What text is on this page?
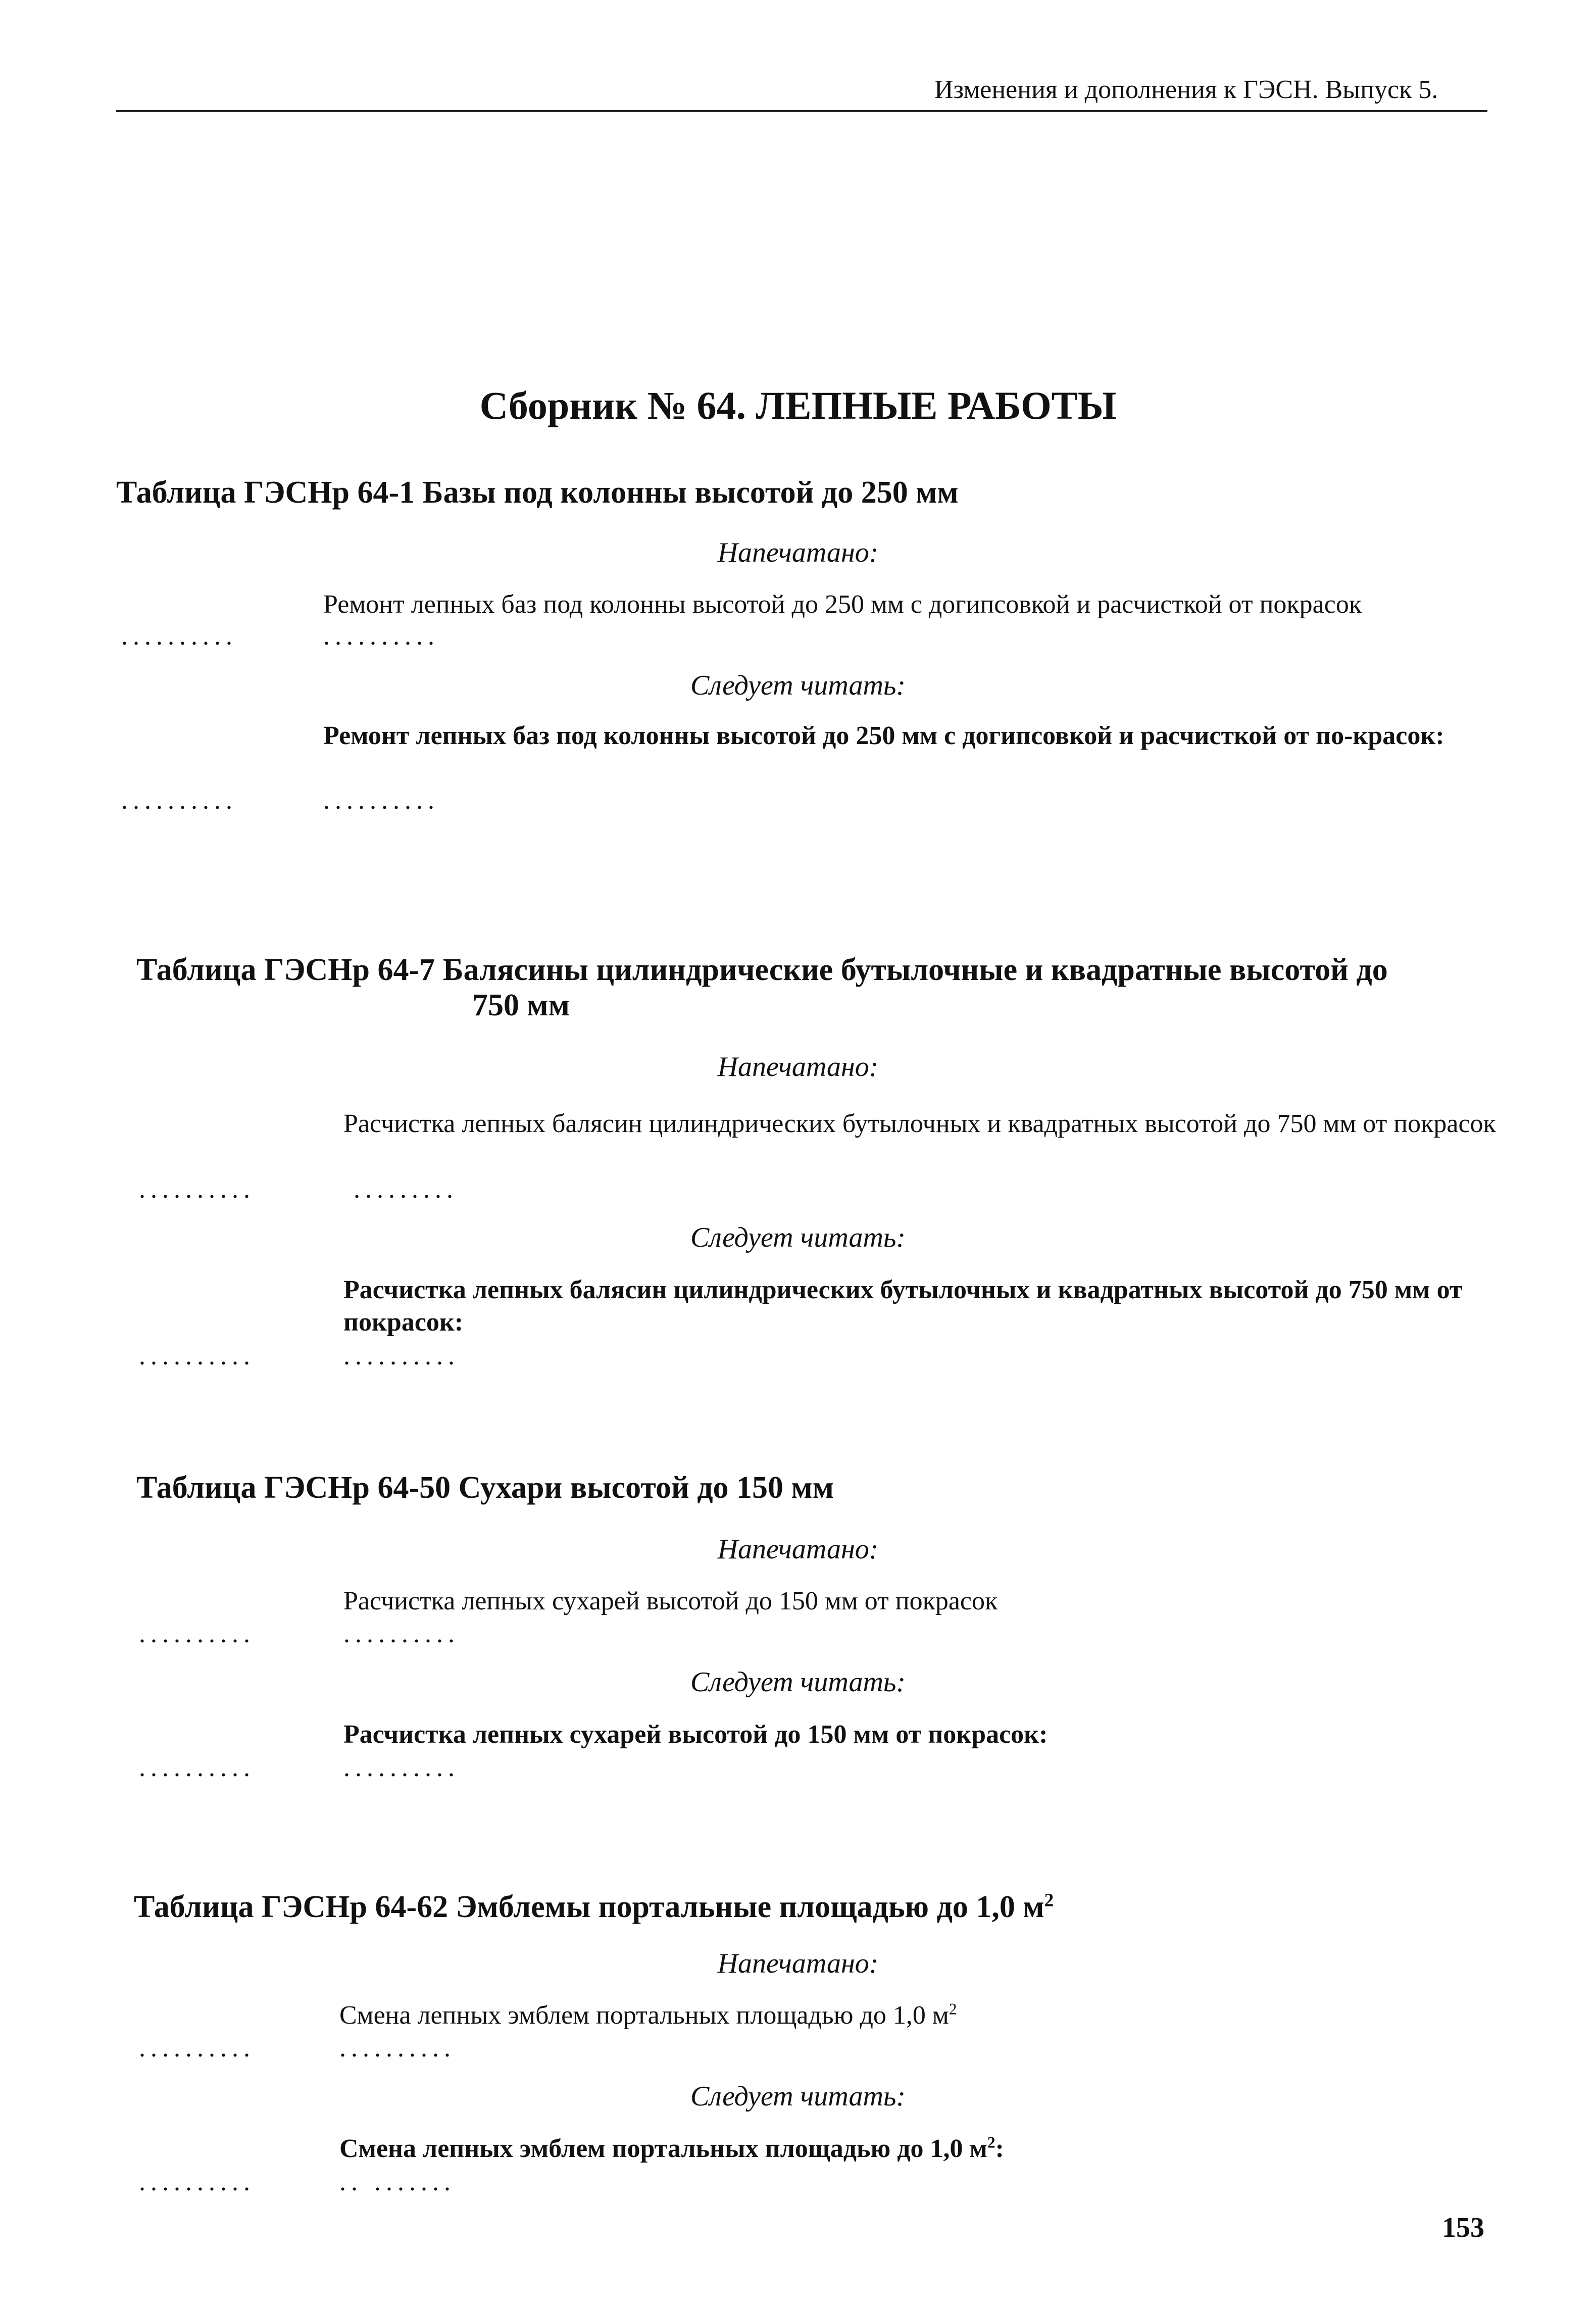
Изменения и дополнения к ГЭСН. Выпуск 5.
Сборник № 64. ЛЕПНЫЕ РАБОТЫ
Таблица ГЭСНр 64-1 Базы под колонны высотой до 250 мм
Напечатано:
Ремонт лепных баз под колонны высотой до 250 мм с догипсовкой и расчисткой от покрасок
..........	..........
Следует читать:
Ремонт лепных баз под колонны высотой до 250 мм с догипсовкой и расчисткой от по-красок:
..........	..........
Таблица ГЭСНр 64-7 Балясины цилиндрические бутылочные и квадратные высотой до
750 мм
Напечатано:
Расчистка лепных балясин цилиндрических бутылочных и квадратных высотой до 750 мм от покрасок
..........	.........
Следует читать:
Расчистка лепных балясин цилиндрических бутылочных и квадратных высотой до 750 мм от покрасок:
..........	..........
Таблица ГЭСНр 64-50 Сухари высотой до 150 мм
Напечатано:
Расчистка лепных сухарей высотой до 150 мм от покрасок
..........	..........
Следует читать:
Расчистка лепных сухарей высотой до 150 мм от покрасок:
..........	..........
Таблица ГЭСНр 64-62 Эмблемы портальные площадью до 1,0 $м^2$
Напечатано:
Смена лепных эмблем портальных площадью до 1,0 $м^2$
..........	..........
Следует читать:
Смена лепных эмблем портальных площадью до 1,0 $м^2$:
..........	.. .......
153
